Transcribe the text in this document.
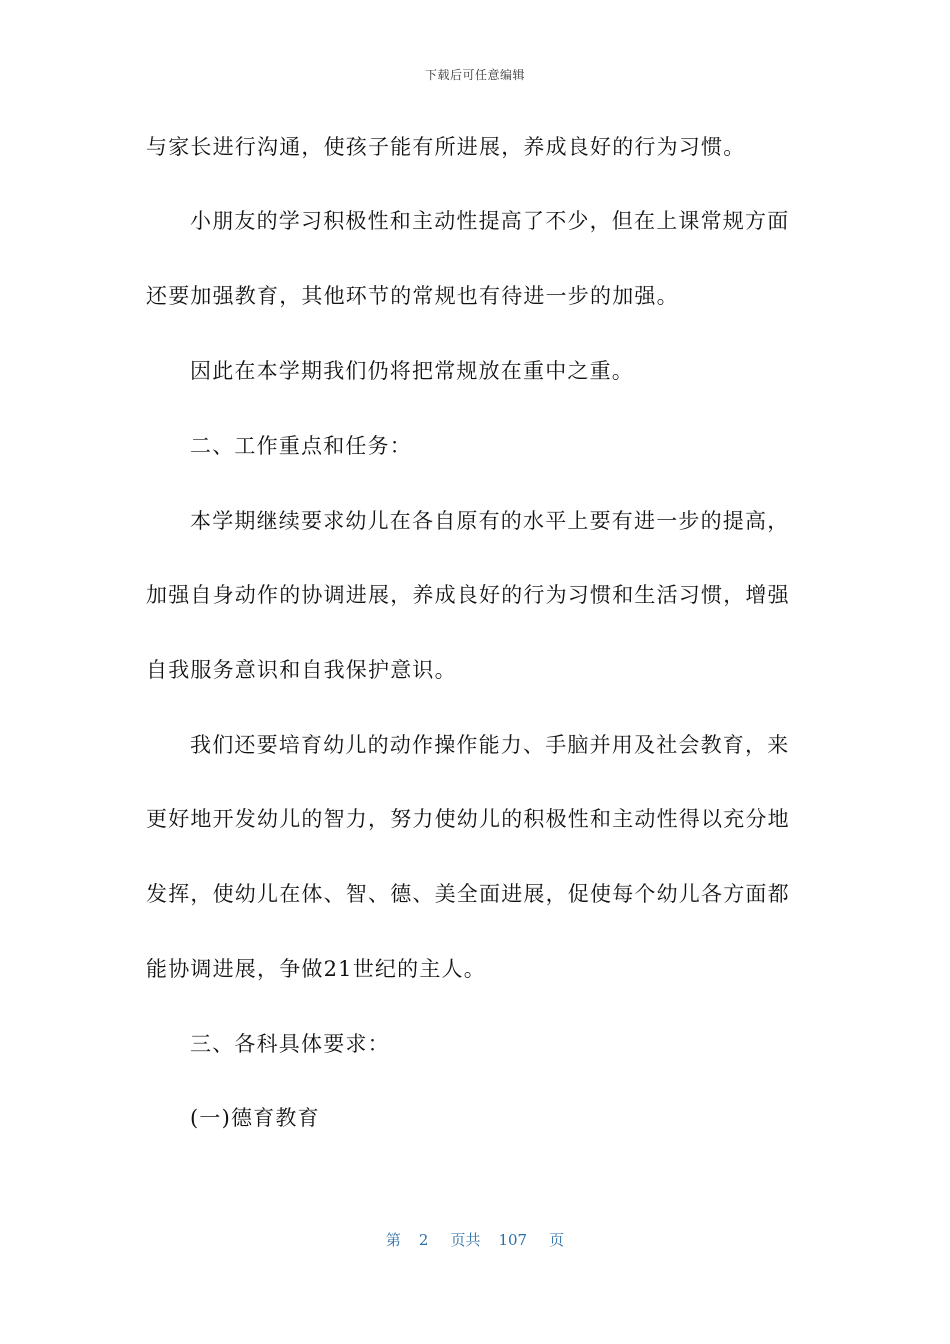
下载后可任意编辑
与家长进行沟通，使孩子能有所进展，养成良好的行为习惯。
小朋友的学习积极性和主动性提高了不少，但在上课常规方面
还要加强教育，其他环节的常规也有待进一步的加强。
因此在本学期我们仍将把常规放在重中之重。
二、工作重点和任务：
本学期继续要求幼儿在各自原有的水平上要有进一步的提高，
加强自身动作的协调进展，养成良好的行为习惯和生活习惯，增强
自我服务意识和自我保护意识。
我们还要培育幼儿的动作操作能力、手脑并用及社会教育，来
更好地开发幼儿的智力，努力使幼儿的积极性和主动性得以充分地
发挥，使幼儿在体、智、德、美全面进展，促使每个幼儿各方面都
能协调进展，争做21世纪的主人。
三、各科具体要求：
(一)德育教育
第 2 页共 107 页
